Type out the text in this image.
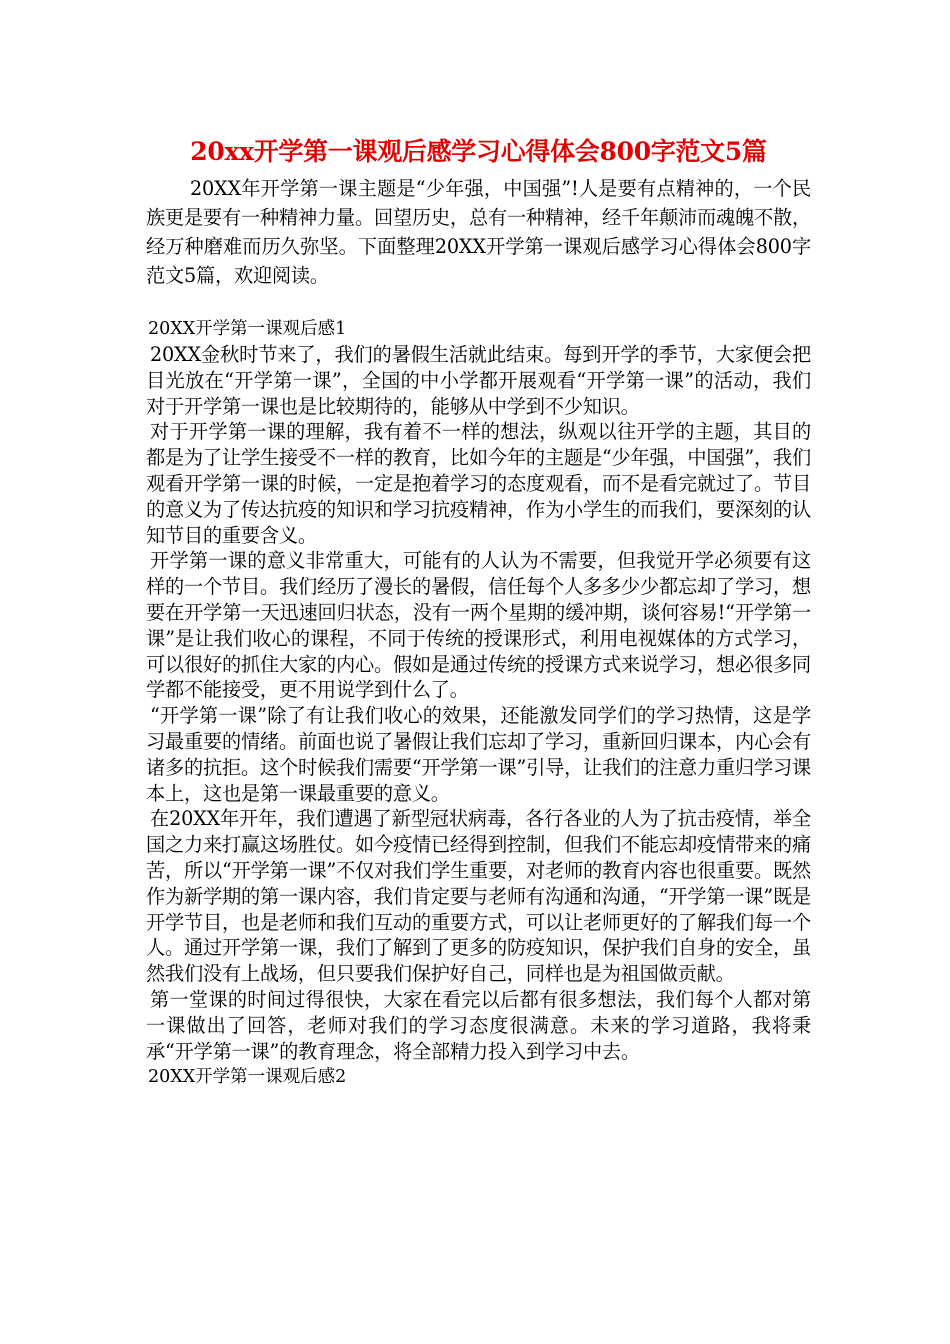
20xx开学第一课观后感学习心得体会800字范文5篇

20XX年开学第一课主题是“少年强，中国强”!人是要有点精神的，一个民族更是要有一种精神力量。回望历史，总有一种精神，经千年颠沛而魂魄不散，经万种磨难而历久弥坚。下面整理20XX开学第一课观后感学习心得体会800字范文5篇，欢迎阅读。

20XX开学第一课观后感1

20XX金秋时节来了，我们的暑假生活就此结束。每到开学的季节，大家便会把目光放在“开学第一课”，全国的中小学都开展观看“开学第一课”的活动，我们对于开学第一课也是比较期待的，能够从中学到不少知识。

对于开学第一课的理解，我有着不一样的想法，纵观以往开学的主题，其目的都是为了让学生接受不一样的教育，比如今年的主题是“少年强，中国强”，我们观看开学第一课的时候，一定是抱着学习的态度观看，而不是看完就过了。节目的意义为了传达抗疫的知识和学习抗疫精神，作为小学生的而我们，要深刻的认知节目的重要含义。

开学第一课的意义非常重大，可能有的人认为不需要，但我觉开学必须要有这样的一个节目。我们经历了漫长的暑假，信任每个人多多少少都忘却了学习，想要在开学第一天迅速回归状态，没有一两个星期的缓冲期，谈何容易!“开学第一课”是让我们收心的课程，不同于传统的授课形式，利用电视媒体的方式学习，可以很好的抓住大家的内心。假如是通过传统的授课方式来说学习，想必很多同学都不能接受，更不用说学到什么了。

“开学第一课”除了有让我们收心的效果，还能激发同学们的学习热情，这是学习最重要的情绪。前面也说了暑假让我们忘却了学习，重新回归课本，内心会有诸多的抗拒。这个时候我们需要“开学第一课”引导，让我们的注意力重归学习课本上，这也是第一课最重要的意义。

在20XX年开年，我们遭遇了新型冠状病毒，各行各业的人为了抗击疫情，举全国之力来打赢这场胜仗。如今疫情已经得到控制，但我们不能忘却疫情带来的痛苦，所以“开学第一课”不仅对我们学生重要，对老师的教育内容也很重要。既然作为新学期的第一课内容，我们肯定要与老师有沟通和沟通，“开学第一课”既是开学节目，也是老师和我们互动的重要方式，可以让老师更好的了解我们每一个人。通过开学第一课，我们了解到了更多的防疫知识，保护我们自身的安全，虽然我们没有上战场，但只要我们保护好自己，同样也是为祖国做贡献。

第一堂课的时间过得很快，大家在看完以后都有很多想法，我们每个人都对第一课做出了回答，老师对我们的学习态度很满意。未来的学习道路，我将秉承“开学第一课”的教育理念，将全部精力投入到学习中去。

20XX开学第一课观后感2
